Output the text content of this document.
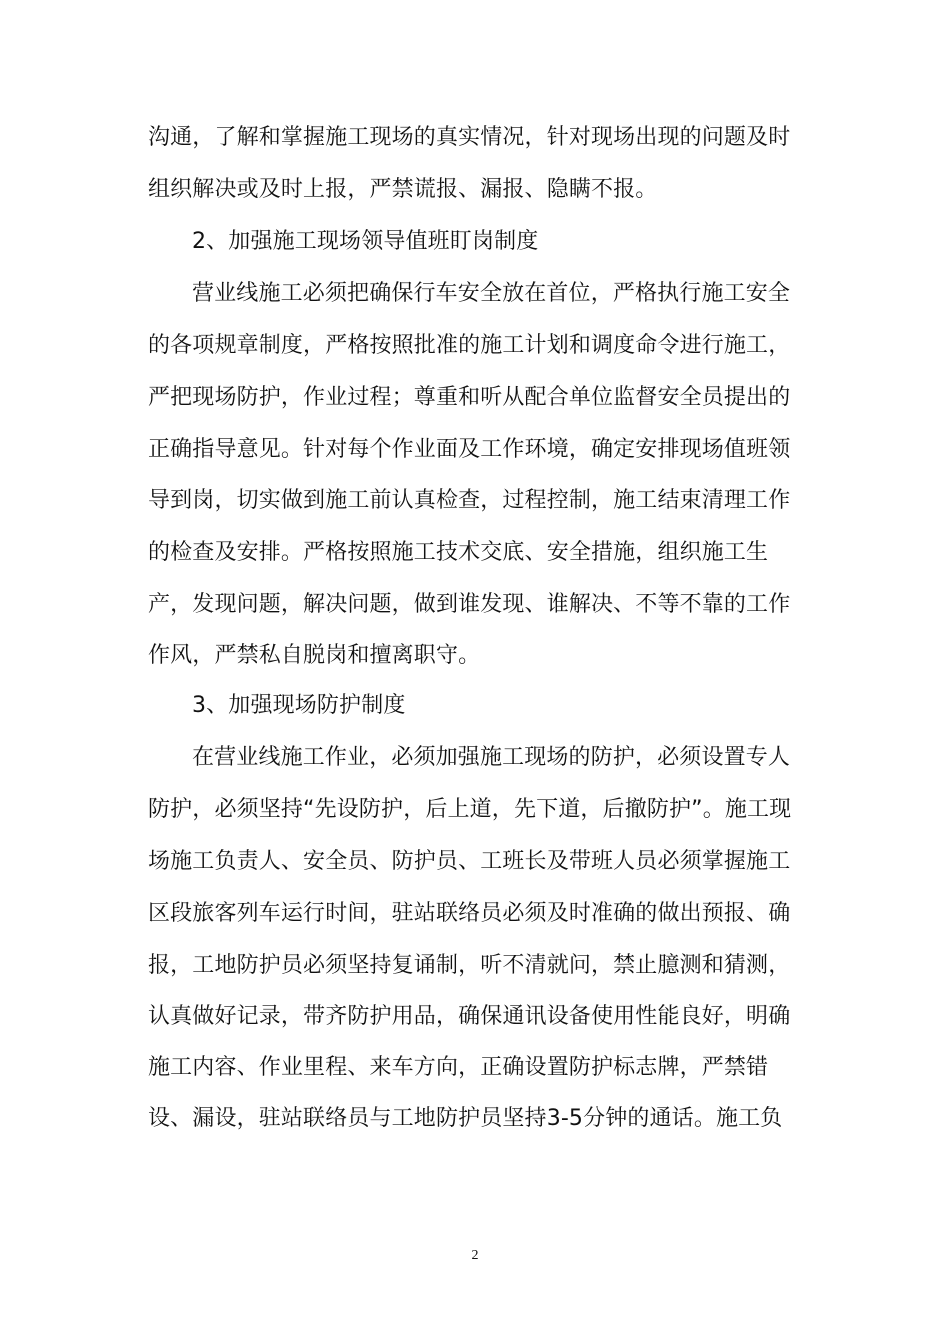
沟通，了解和掌握施工现场的真实情况，针对现场出现的问题及时
组织解决或及时上报，严禁谎报、漏报、隐瞒不报。
2、加强施工现场领导值班盯岗制度
营业线施工必须把确保行车安全放在首位，严格执行施工安全
的各项规章制度，严格按照批准的施工计划和调度命令进行施工，
严把现场防护，作业过程；尊重和听从配合单位监督安全员提出的
正确指导意见。针对每个作业面及工作环境，确定安排现场值班领
导到岗，切实做到施工前认真检查，过程控制，施工结束清理工作
的检查及安排。严格按照施工技术交底、安全措施，组织施工生
产，发现问题，解决问题，做到谁发现、谁解决、不等不靠的工作
作风，严禁私自脱岗和擅离职守。
3、加强现场防护制度
在营业线施工作业，必须加强施工现场的防护，必须设置专人
防护，必须坚持“先设防护，后上道，先下道，后撤防护”。施工现
场施工负责人、安全员、防护员、工班长及带班人员必须掌握施工
区段旅客列车运行时间，驻站联络员必须及时准确的做出预报、确
报，工地防护员必须坚持复诵制，听不清就问，禁止臆测和猜测，
认真做好记录，带齐防护用品，确保通讯设备使用性能良好，明确
施工内容、作业里程、来车方向，正确设置防护标志牌，严禁错
设、漏设，驻站联络员与工地防护员坚持3-5分钟的通话。施工负
2
